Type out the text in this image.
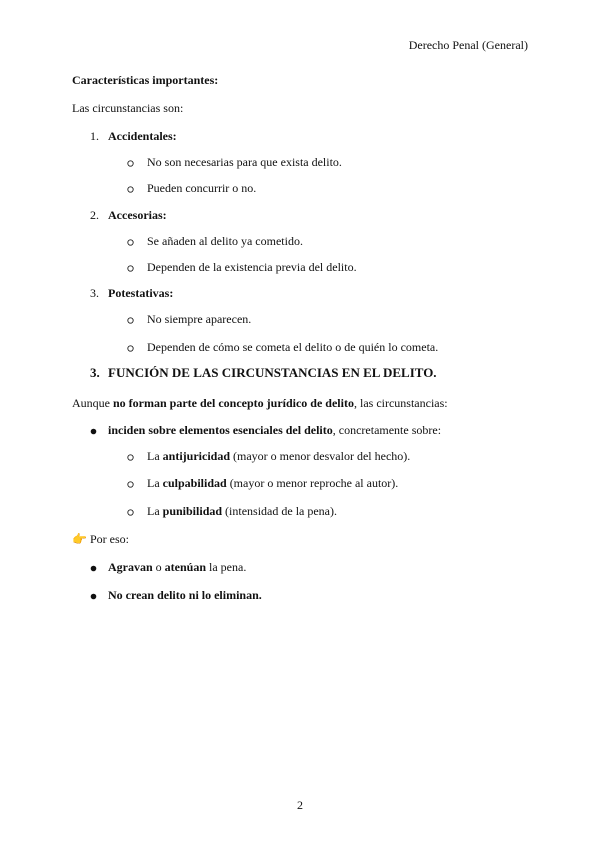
Derecho Penal (General)
Características importantes:
Las circunstancias son:
1. Accidentales:
No son necesarias para que exista delito.
Pueden concurrir o no.
2. Accesorias:
Se añaden al delito ya cometido.
Dependen de la existencia previa del delito.
3. Potestativas:
No siempre aparecen.
Dependen de cómo se cometa el delito o de quién lo cometa.
3. FUNCIÓN DE LAS CIRCUNSTANCIAS EN EL DELITO.
Aunque no forman parte del concepto jurídico de delito, las circunstancias:
inciden sobre elementos esenciales del delito, concretamente sobre:
La antijuricidad (mayor o menor desvalor del hecho).
La culpabilidad (mayor o menor reproche al autor).
La punibilidad (intensidad de la pena).
👉 Por eso:
Agravan o atenúan la pena.
No crean delito ni lo eliminan.
2
